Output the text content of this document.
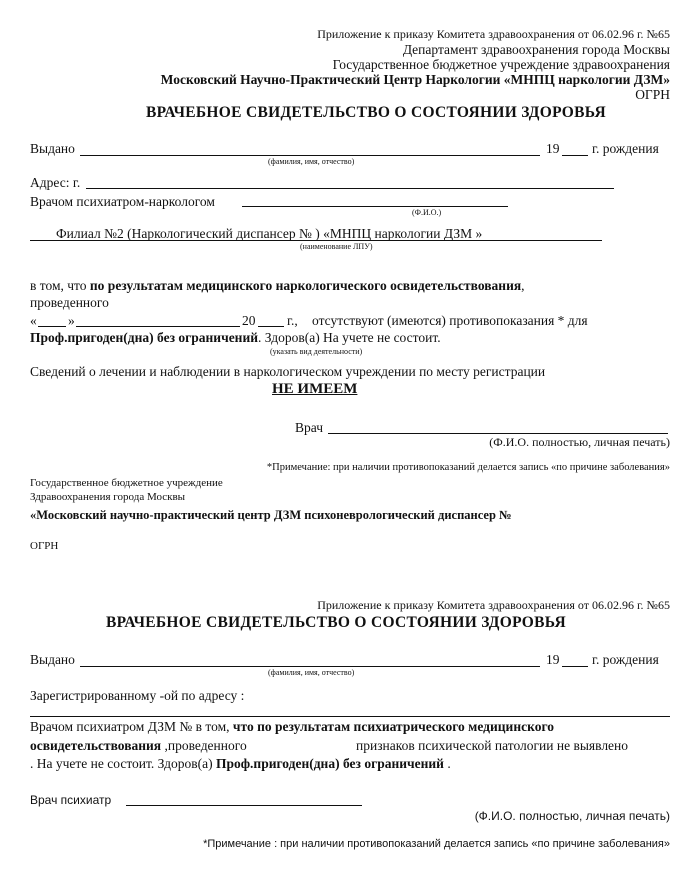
Приложение к приказу Комитета здравоохранения от 06.02.96 г. №65
Департамент здравоохранения города Москвы
Государственное бюджетное учреждение здравоохранения
Московский Научно-Практический Центр Наркологии «МНПЦ наркологии ДЗМ»
ОГРН
ВРАЧЕБНОЕ СВИДЕТЕЛЬСТВО О СОСТОЯНИИ ЗДОРОВЬЯ
Выдано
(фамилия, имя, отчество)
19 г. рождения
Адрес: г.
Врачом психиатром-наркологом
(Ф.И.О.)
Филиал №2 (Наркологический диспансер № ) «МНПЦ наркологии ДЗМ »
(наименование ЛПУ)
в том, что по результатам медицинского наркологического освидетельствования,
проведенного
« »	20 г., отсутствуют (имеются) противопоказания * для
Проф.пригоден(дна) без ограничений. Здоров(а) На учете не состоит.
(указать вид деятельности)
Сведений о лечении и наблюдении в наркологическом учреждении по месту регистрации
НЕ ИМЕЕМ
Врач
(Ф.И.О. полностью, личная печать)
*Примечание: при наличии противопоказаний делается запись «по причине заболевания»
Государственное бюджетное учреждение
Здравоохранения города Москвы
«Московский научно-практический центр ДЗМ психоневрологический диспансер №
ОГРН
Приложение к приказу Комитета здравоохранения от 06.02.96 г. №65
ВРАЧЕБНОЕ СВИДЕТЕЛЬСТВО О СОСТОЯНИИ ЗДОРОВЬЯ
Выдано
(фамилия, имя, отчество)
19 г. рождения
Зарегистрированному -ой по адресу :
Врачом психиатром ДЗМ № в том, что по результатам психиатрического медицинского
освидетельствования ,проведенного	признаков психической патологии не выявлено
. На учете не состоит. Здоров(а) Проф.пригоден(дна) без ограничений .
Врач психиатр
(Ф.И.О. полностью, личная печать)
*Примечание : при наличии противопоказаний делается запись «по причине заболевания»
